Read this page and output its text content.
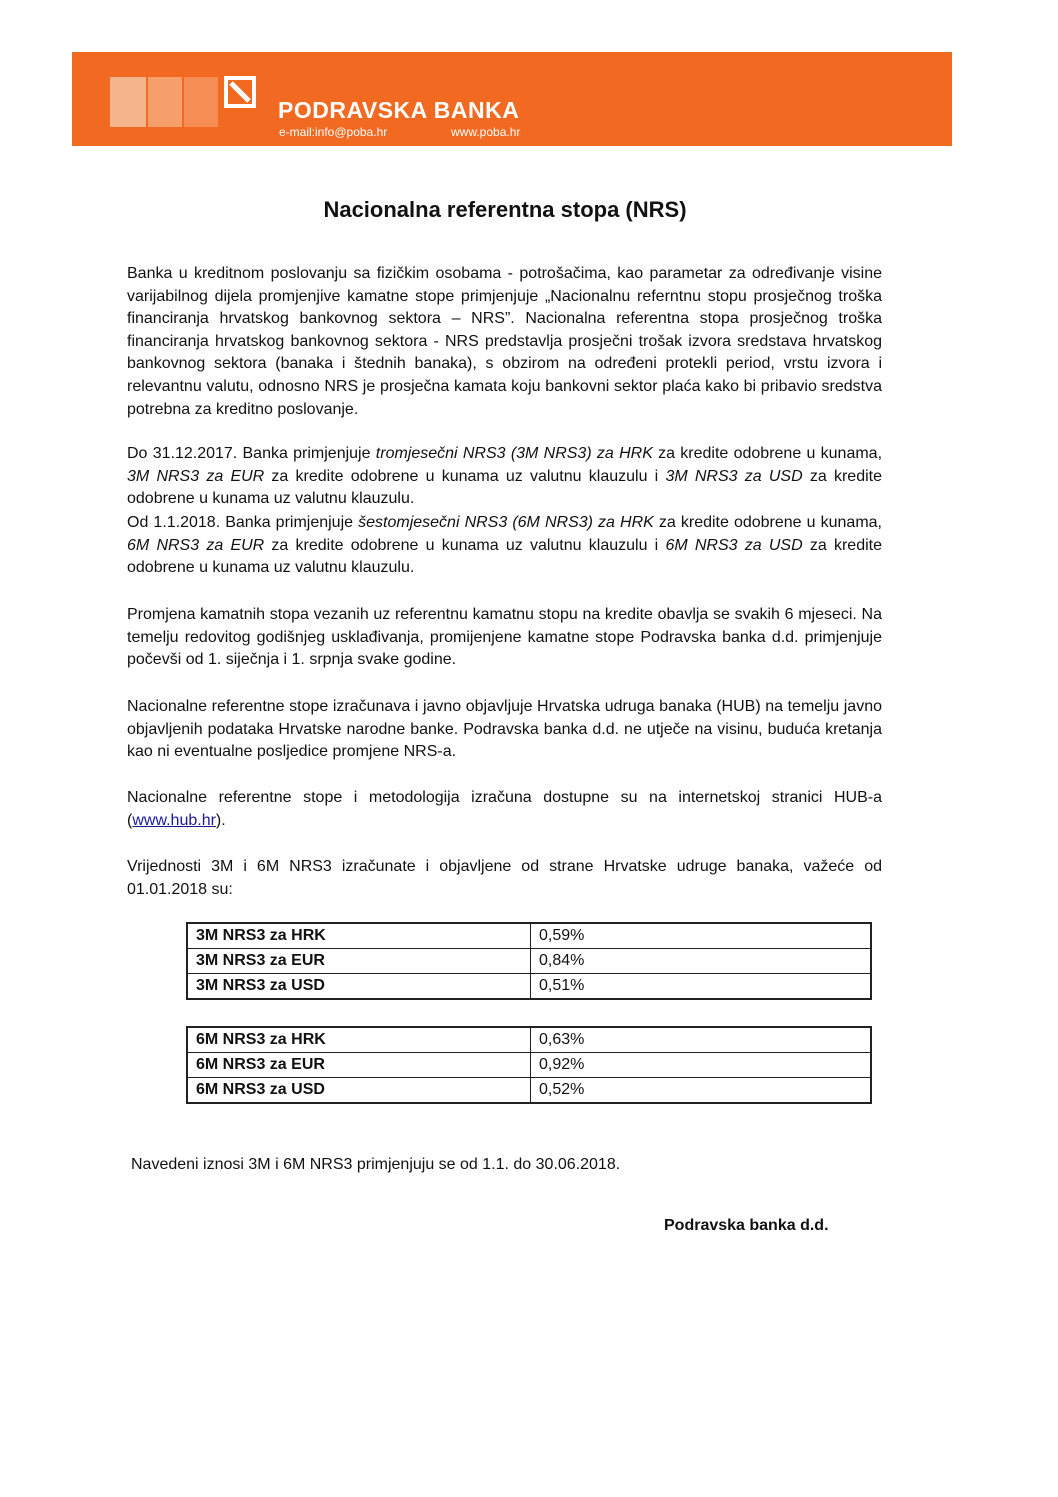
PODRAVSKA BANKA
e-mail:info@poba.hr	www.poba.hr
Nacionalna referentna stopa (NRS)

Banka u kreditnom poslovanju sa fizičkim osobama - potrošačima, kao parametar za određivanje visine varijabilnog dijela promjenjive kamatne stope primjenjuje „Nacionalnu referntnu stopu prosječnog troška financiranja hrvatskog bankovnog sektora – NRS”. Nacionalna referentna stopa prosječnog troška financiranja hrvatskog bankovnog sektora - NRS predstavlja prosječni trošak izvora sredstava hrvatskog bankovnog sektora (banaka i štednih banaka), s obzirom na određeni protekli period, vrstu izvora i relevantnu valutu, odnosno NRS je prosječna kamata koju bankovni sektor plaća kako bi pribavio sredstva potrebna za kreditno poslovanje.

Do 31.12.2017. Banka primjenjuje tromjesečni NRS3 (3M NRS3) za HRK za kredite odobrene u kunama, 3M NRS3 za EUR za kredite odobrene u kunama uz valutnu klauzulu i 3M NRS3 za USD za kredite odobrene u kunama uz valutnu klauzulu.

Od 1.1.2018. Banka primjenjuje šestomjesečni NRS3 (6M NRS3) za HRK za kredite odobrene u kunama, 6M NRS3 za EUR za kredite odobrene u kunama uz valutnu klauzulu i 6M NRS3 za USD za kredite odobrene u kunama uz valutnu klauzulu.

Promjena kamatnih stopa vezanih uz referentnu kamatnu stopu na kredite obavlja se svakih 6 mjeseci. Na temelju redovitog godišnjeg usklađivanja, promijenjene kamatne stope Podravska banka d.d. primjenjuje počevši od 1. siječnja i 1. srpnja svake godine.

Nacionalne referentne stope izračunava i javno objavljuje Hrvatska udruga banaka (HUB) na temelju javno objavljenih podataka Hrvatske narodne banke. Podravska banka d.d. ne utječe na visinu, buduća kretanja kao ni eventualne posljedice promjene NRS-a.

Nacionalne referentne stope i metodologija izračuna dostupne su na internetskoj stranici HUB-a (www.hub.hr).

Vrijednosti 3M i 6M NRS3 izračunate i objavljene od strane Hrvatske udruge banaka, važeće od 01.01.2018 su:

3M NRS3 za HRK	0,59%
3M NRS3 za EUR	0,84%
3M NRS3 za USD	0,51%
6M NRS3 za HRK	0,63%
6M NRS3 za EUR	0,92%
6M NRS3 za USD	0,52%
Navedeni iznosi 3M i 6M NRS3 primjenjuju se od 1.1. do 30.06.2018.
Podravska banka d.d.
